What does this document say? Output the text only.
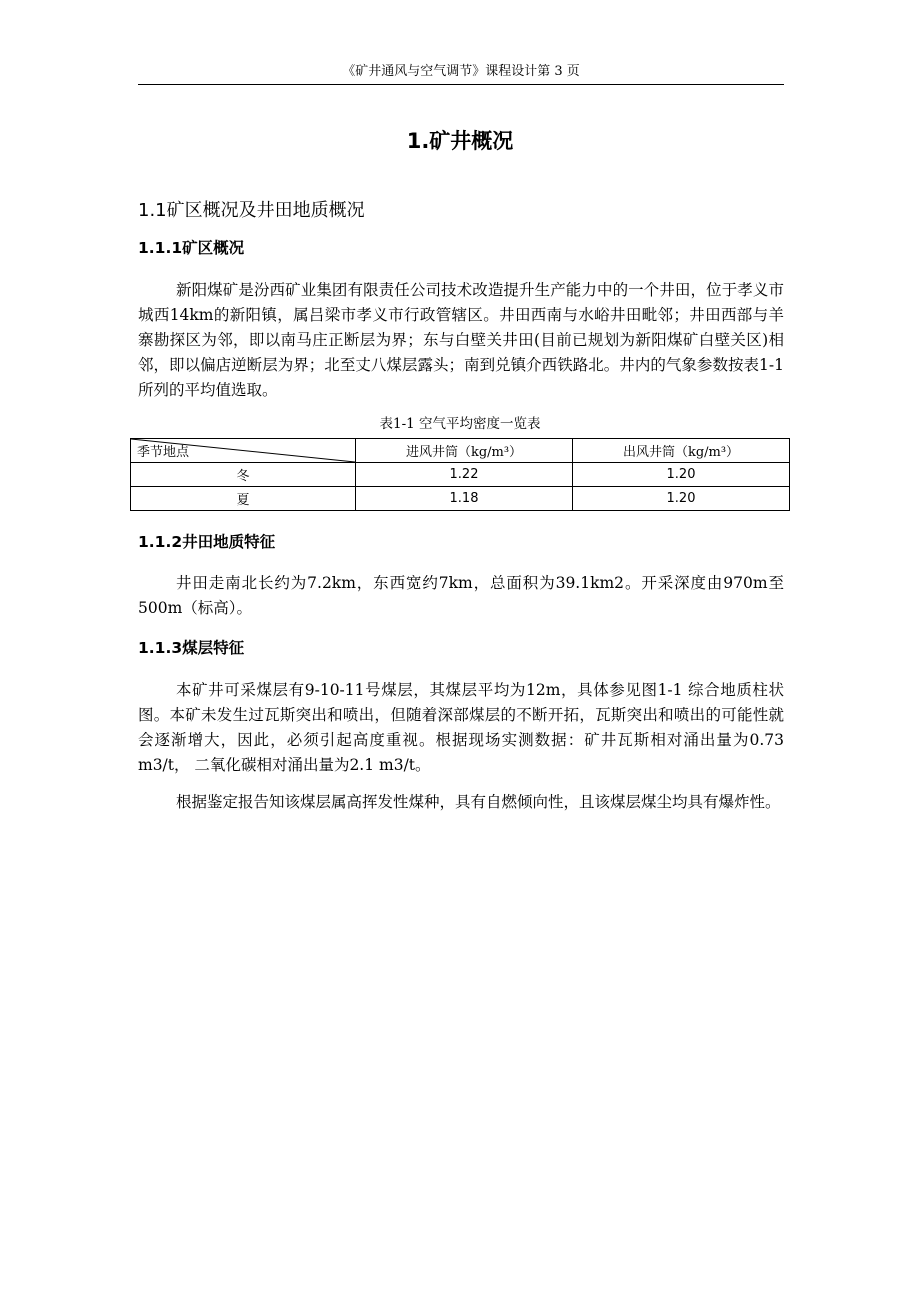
《矿井通风与空气调节》课程设计第 3 页
1.矿井概况
1.1矿区概况及井田地质概况
1.1.1矿区概况

新阳煤矿是汾西矿业集团有限责任公司技术改造提升生产能力中的一个井田，位于孝义市城西14km的新阳镇，属吕梁市孝义市行政管辖区。井田西南与水峪井田毗邻；井田西部与羊寨勘探区为邻，即以南马庄正断层为界；东与白壁关井田(目前已规划为新阳煤矿白壁关区)相邻，即以偏店逆断层为界；北至丈八煤层露头；南到兑镇介西铁路北。井内的气象参数按表1-1所列的平均值选取。

表1-1 空气平均密度一览表
季节地点	进风井筒（kg/m³）	出风井筒（kg/m³）
冬	1.22	1.20
夏	1.18	1.20
1.1.2井田地质特征

井田走南北长约为7.2km，东西宽约7km，总面积为39.1km2。开采深度由970m至500m（标高）。

1.1.3煤层特征

本矿井可采煤层有9-10-11号煤层，其煤层平均为12m，具体参见图1-1 综合地质柱状图。本矿未发生过瓦斯突出和喷出，但随着深部煤层的不断开拓，瓦斯突出和喷出的可能性就会逐渐增大，因此，必须引起高度重视。根据现场实测数据：矿井瓦斯相对涌出量为0.73 m3/t， 二氧化碳相对涌出量为2.1 m3/t。

根据鉴定报告知该煤层属高挥发性煤种，具有自燃倾向性，且该煤层煤尘均具有爆炸性。
